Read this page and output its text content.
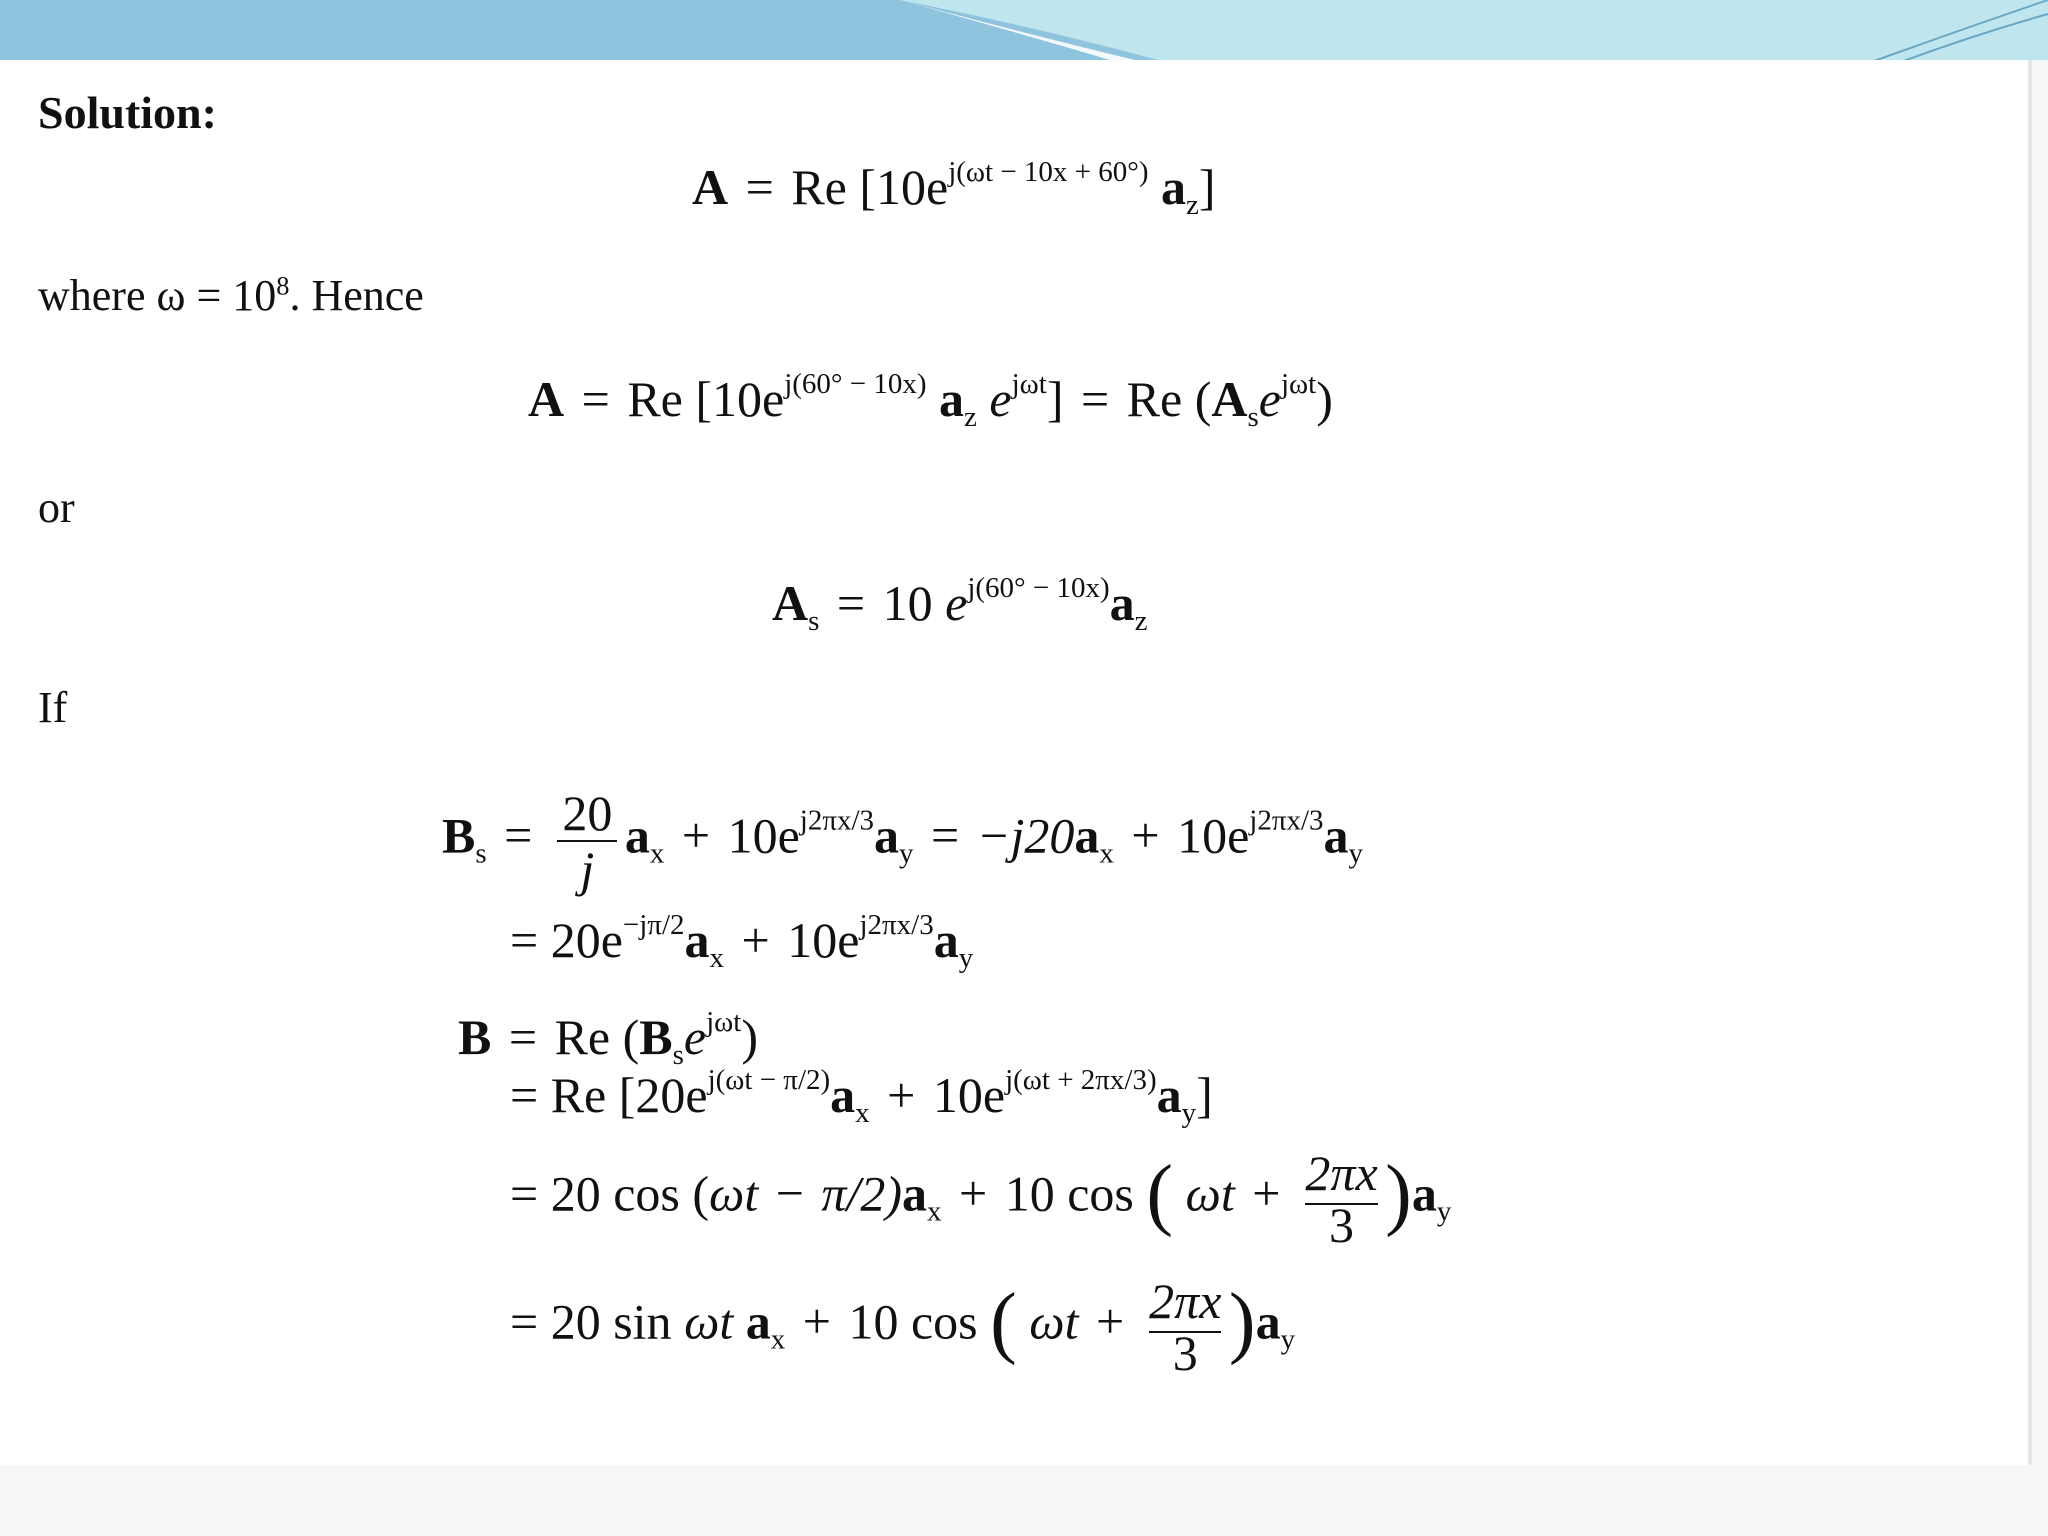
Solution:
A = Re [$10e^{j(\omega t - 10x + 60^\circ)}$ $a_z$]
where $\omega = 10^8$. Hence
A = Re [$10e^{j(60^\circ - 10x)}$ $a_z$ $e^{j\omega t}] = Re$ $(A_se^{j\omega t})$
or
$A_s = 10$ $e^{j(60^\circ - 10x)}a_z$
If
$B_s = \frac{20}{j} a_x + 10e^{j2\pi x/3}a_y = -j20a_x + 10e^{j2\pi x/3}a_y$
= $20e^{-j\pi/2}a_x + 10e^{j2\pi x/3}a_y$
B = Re $(B_se^{j\omega t})$
= Re $[20e^{j(\omega t - \pi/2)}a_x + 10e^{j(\omega t + 2\pi x/3)}a_y]$
= 20 $\cos (\omega t - \pi/2)a_x + 10$ cos ( $\omega t + \frac{2\pi x}{3} )a_y$
= 20 sin ωt $a_x + 10$ cos ( $\omega t + \frac{2\pi x}{3} )a_y$
